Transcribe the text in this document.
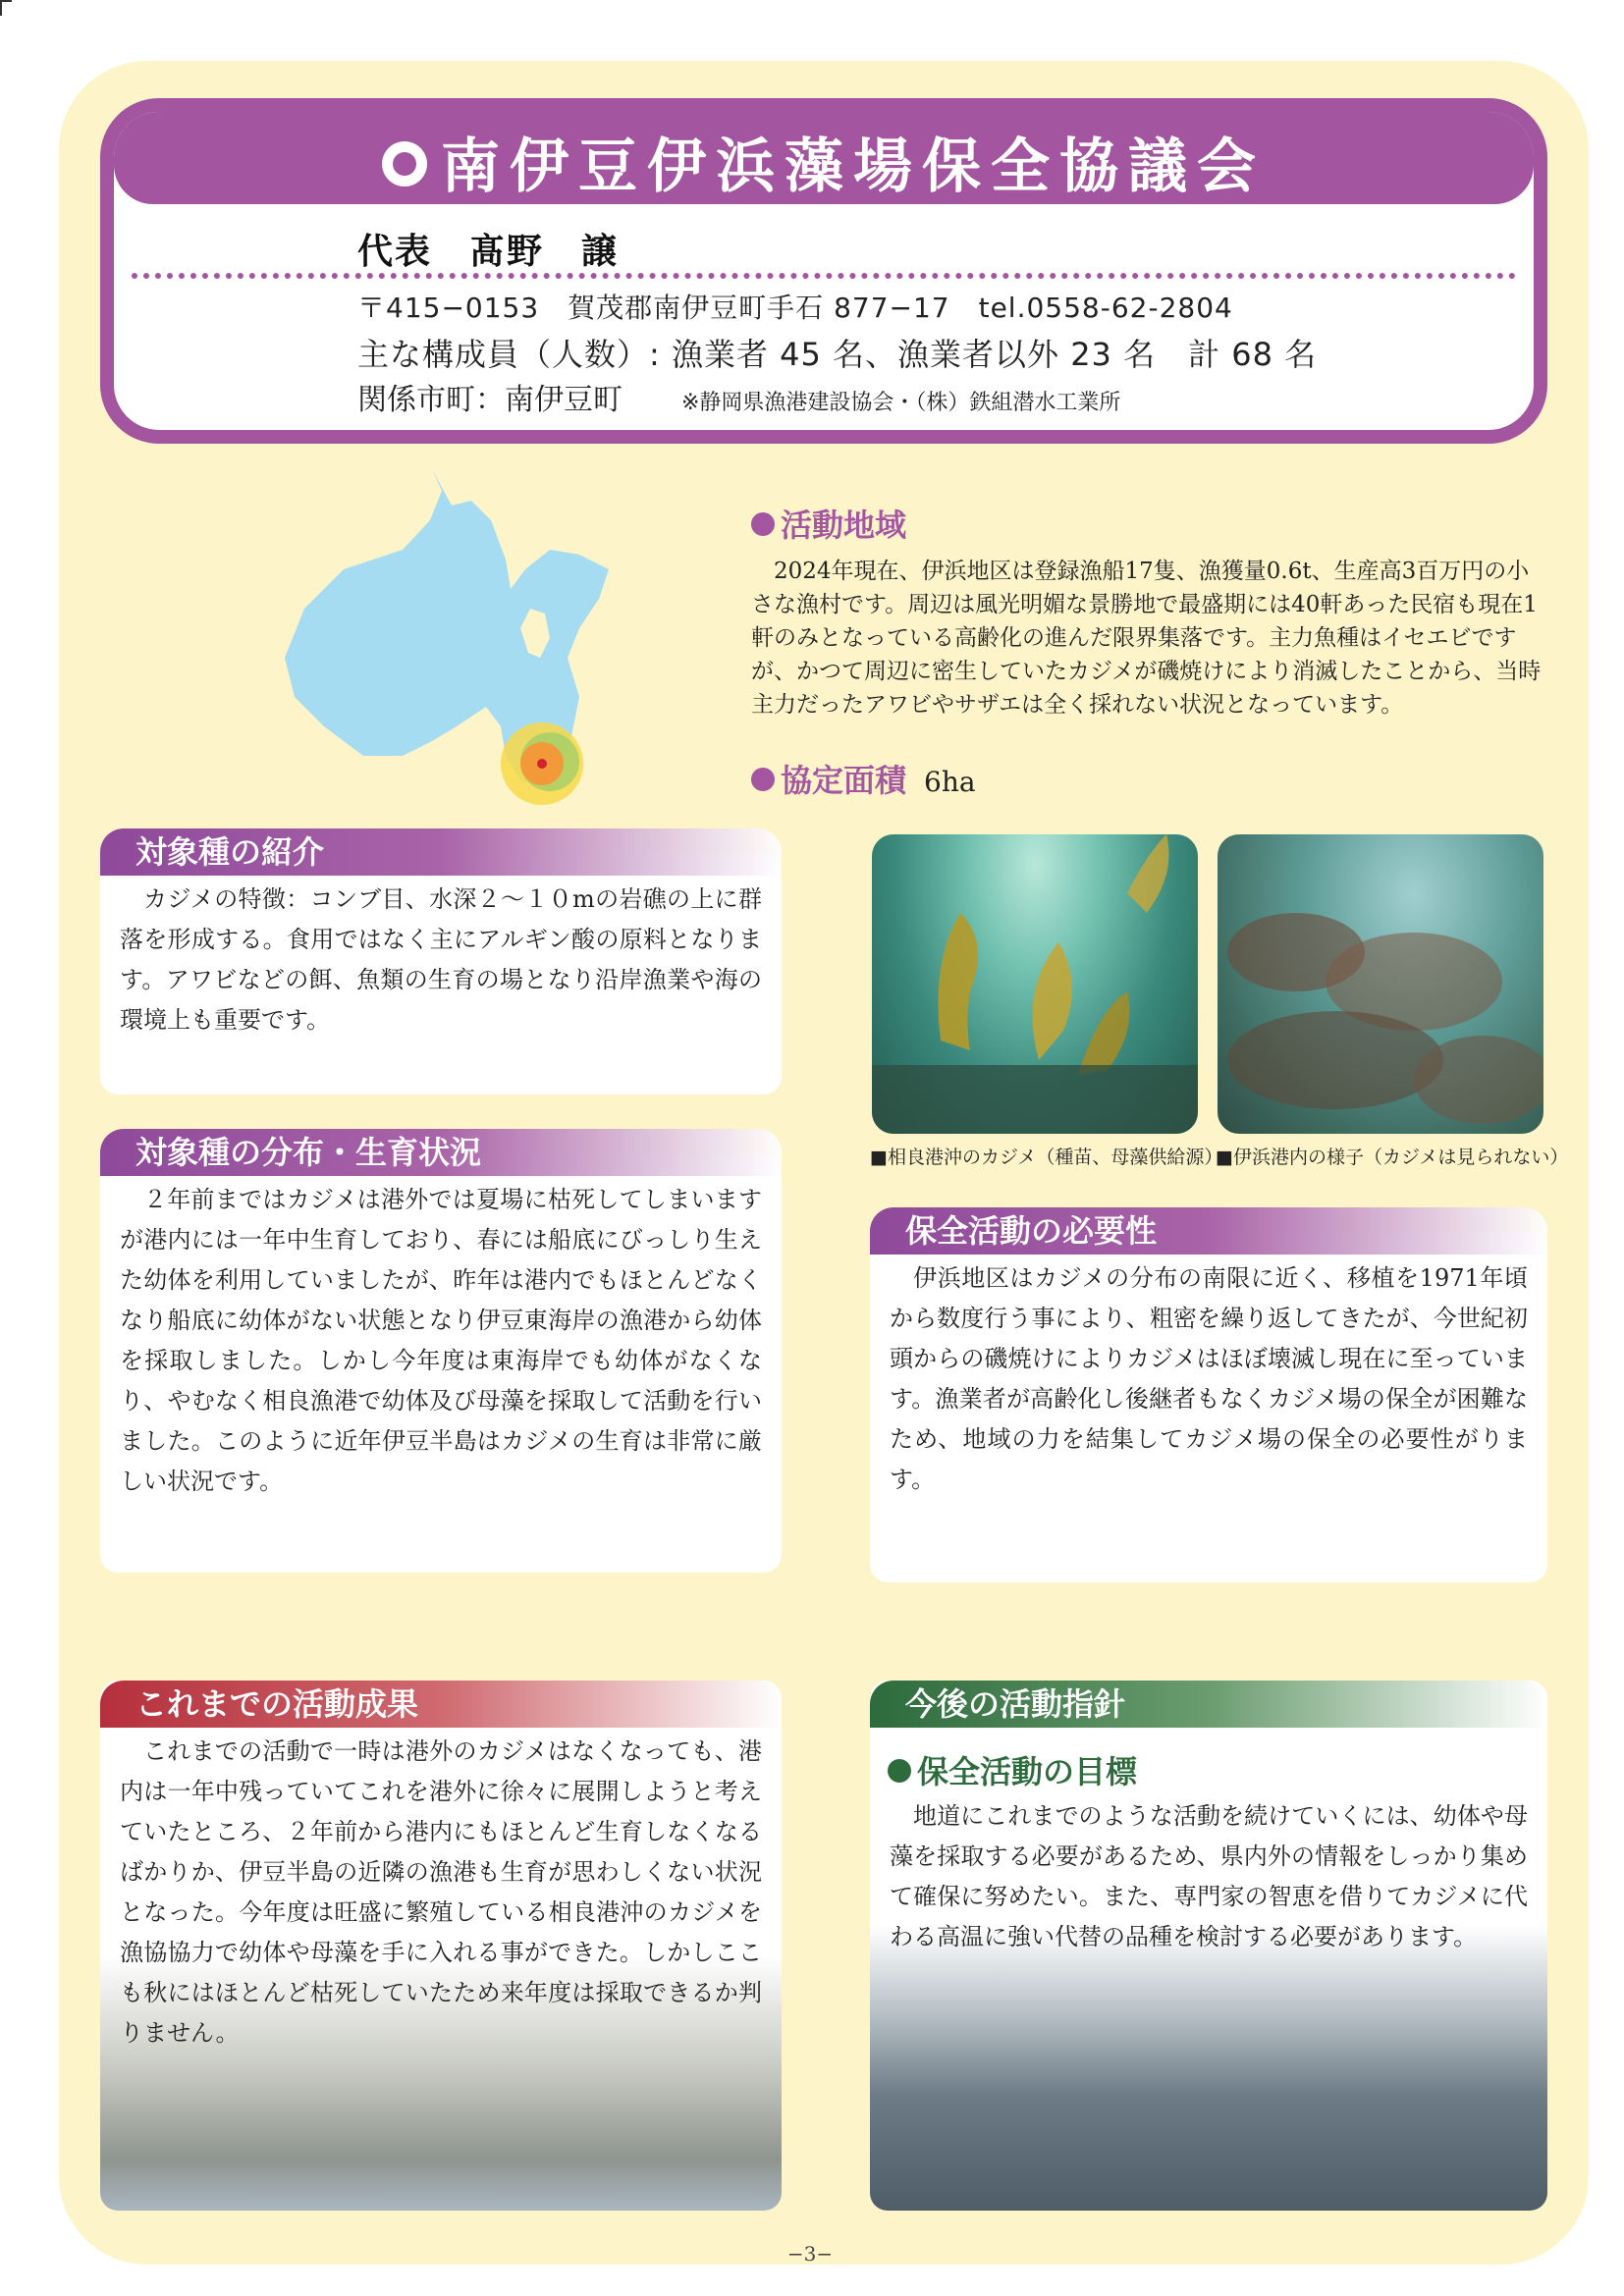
南伊豆伊浜藻場保全協議会
代表　髙野　譲
〒415−0153　賀茂郡南伊豆町手石 877−17　tel.0558-62-2804
主な構成員（人数）: 漁業者 45 名、漁業者以外 23 名　計 68 名
関係市町：南伊豆町	※静岡県漁港建設協会・（株）鉄組潜水工業所
活動地域
2024年現在、伊浜地区は登録漁船17隻、漁獲量0.6t、生産高3百万円の小さな漁村です。周辺は風光明媚な景勝地で最盛期には40軒あった民宿も現在1軒のみとなっている高齢化の進んだ限界集落です。主力魚種はイセエビですが、かつて周辺に密生していたカジメが磯焼けにより消滅したことから、当時主力だったアワビやサザエは全く採れない状況となっています。
協定面積 6ha
対象種の紹介
カジメの特徴：コンブ目、水深２～１０mの岩礁の上に群落を形成する。食用ではなく主にアルギン酸の原料となります。アワビなどの餌、魚類の生育の場となり沿岸漁業や海の環境上も重要です。
■相良港沖のカジメ（種苗、母藻供給源）
■伊浜港内の様子（カジメは見られない）
対象種の分布・生育状況
２年前まではカジメは港外では夏場に枯死してしまいますが港内には一年中生育しており、春には船底にびっしり生えた幼体を利用していましたが、昨年は港内でもほとんどなくなり船底に幼体がない状態となり伊豆東海岸の漁港から幼体を採取しました。しかし今年度は東海岸でも幼体がなくなり、やむなく相良漁港で幼体及び母藻を採取して活動を行いました。このように近年伊豆半島はカジメの生育は非常に厳しい状況です。
保全活動の必要性
伊浜地区はカジメの分布の南限に近く、移植を1971年頃から数度行う事により、粗密を繰り返してきたが、今世紀初頭からの磯焼けによりカジメはほぼ壊滅し現在に至っています。漁業者が高齢化し後継者もなくカジメ場の保全が困難なため、地域の力を結集してカジメ場の保全の必要性がります。
これまでの活動成果
これまでの活動で一時は港外のカジメはなくなっても、港内は一年中残っていてこれを港外に徐々に展開しようと考えていたところ、２年前から港内にもほとんど生育しなくなるばかりか、伊豆半島の近隣の漁港も生育が思わしくない状況となった。今年度は旺盛に繁殖している相良港沖のカジメを漁協協力で幼体や母藻を手に入れる事ができた。しかしここも秋にはほとんど枯死していたため来年度は採取できるか判りません。
今後の活動指針
保全活動の目標
地道にこれまでのような活動を続けていくには、幼体や母藻を採取する必要があるため、県内外の情報をしっかり集めて確保に努めたい。また、専門家の智恵を借りてカジメに代わる高温に強い代替の品種を検討する必要があります。
−3−
